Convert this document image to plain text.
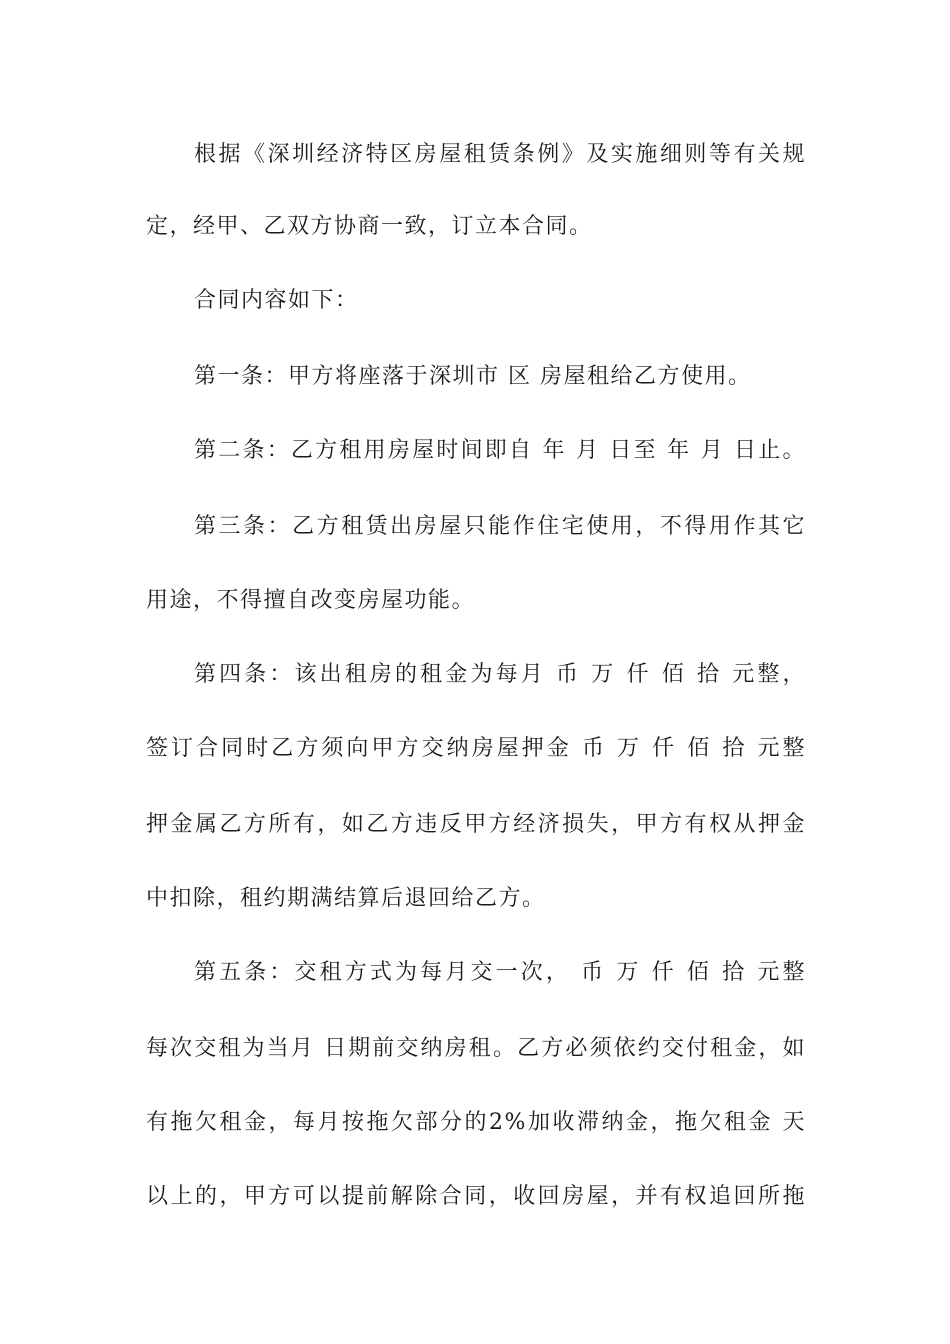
根据《深圳经济特区房屋租赁条例》及实施细则等有关规
定，经甲、乙双方协商一致，订立本合同。
合同内容如下：
第一条：甲方将座落于深圳市 区 房屋租给乙方使用。
第二条：乙方租用房屋时间即自 年 月 日至 年 月 日止。
第三条：乙方租赁出房屋只能作住宅使用，不得用作其它
用途，不得擅自改变房屋功能。
第四条：该出租房的租金为每月 币 万 仟 佰 拾 元整，
签订合同时乙方须向甲方交纳房屋押金 币 万 仟 佰 拾 元整
押金属乙方所有，如乙方违反甲方经济损失，甲方有权从押金
中扣除，租约期满结算后退回给乙方。
第五条：交租方式为每月交一次， 币 万 仟 佰 拾 元整
每次交租为当月 日期前交纳房租。乙方必须依约交付租金，如
有拖欠租金，每月按拖欠部分的2%加收滞纳金，拖欠租金 天
以上的，甲方可以提前解除合同，收回房屋，并有权追回所拖
